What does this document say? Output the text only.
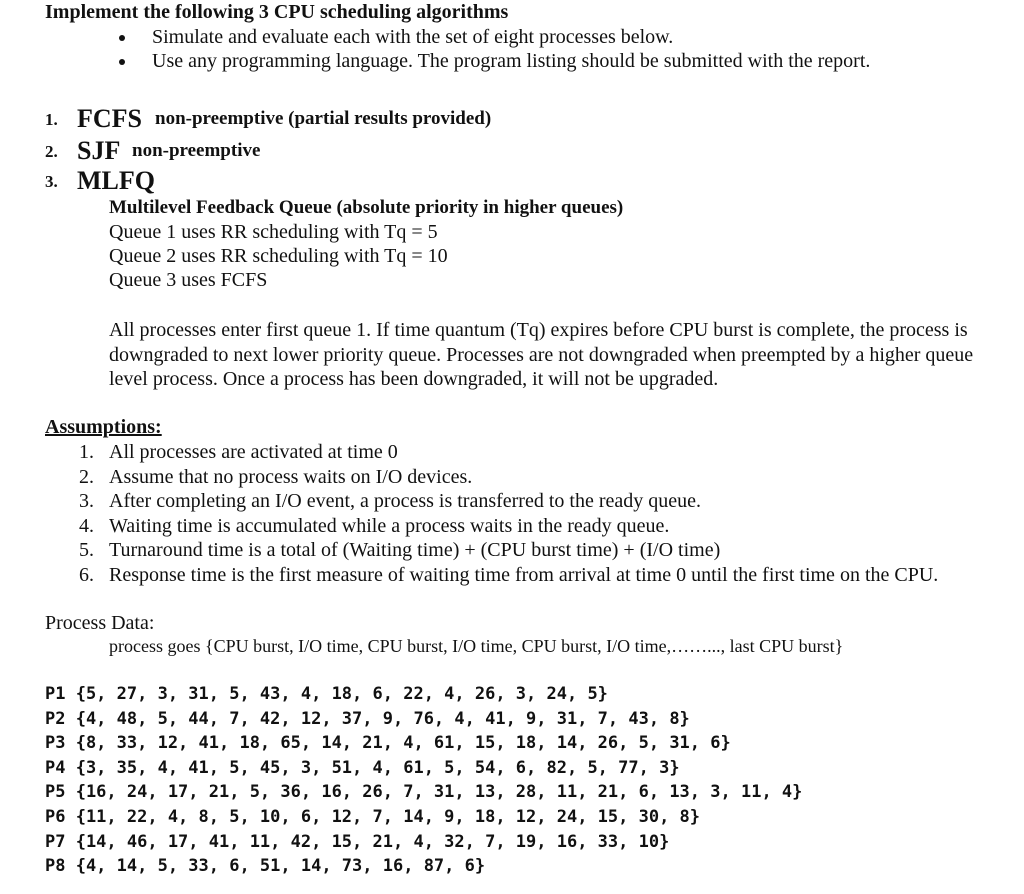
Implement the following 3 CPU scheduling algorithms
Simulate and evaluate each with the set of eight processes below.
Use any programming language. The program listing should be submitted with the report.
1. FCFS non-preemptive (partial results provided)
2. SJF non-preemptive
3. MLFQ
Multilevel Feedback Queue (absolute priority in higher queues)
Queue 1 uses RR scheduling with Tq = 5
Queue 2 uses RR scheduling with Tq = 10
Queue 3 uses FCFS
All processes enter first queue 1. If time quantum (Tq) expires before CPU burst is complete, the process is downgraded to next lower priority queue. Processes are not downgraded when preempted by a higher queue level process. Once a process has been downgraded, it will not be upgraded.
Assumptions:
1. All processes are activated at time 0
2. Assume that no process waits on I/O devices.
3. After completing an I/O event, a process is transferred to the ready queue.
4. Waiting time is accumulated while a process waits in the ready queue.
5. Turnaround time is a total of (Waiting time) + (CPU burst time) + (I/O time)
6. Response time is the first measure of waiting time from arrival at time 0 until the first time on the CPU.
Process Data:
process goes {CPU burst, I/O time, CPU burst, I/O time, CPU burst, I/O time,……..., last CPU burst}
P1 {5, 27, 3, 31, 5, 43, 4, 18, 6, 22, 4, 26, 3, 24, 5}
P2 {4, 48, 5, 44, 7, 42, 12, 37, 9, 76, 4, 41, 9, 31, 7, 43, 8}
P3 {8, 33, 12, 41, 18, 65, 14, 21, 4, 61, 15, 18, 14, 26, 5, 31, 6}
P4 {3, 35, 4, 41, 5, 45, 3, 51, 4, 61, 5, 54, 6, 82, 5, 77, 3}
P5 {16, 24, 17, 21, 5, 36, 16, 26, 7, 31, 13, 28, 11, 21, 6, 13, 3, 11, 4}
P6 {11, 22, 4, 8, 5, 10, 6, 12, 7, 14, 9, 18, 12, 24, 15, 30, 8}
P7 {14, 46, 17, 41, 11, 42, 15, 21, 4, 32, 7, 19, 16, 33, 10}
P8 {4, 14, 5, 33, 6, 51, 14, 73, 16, 87, 6}
